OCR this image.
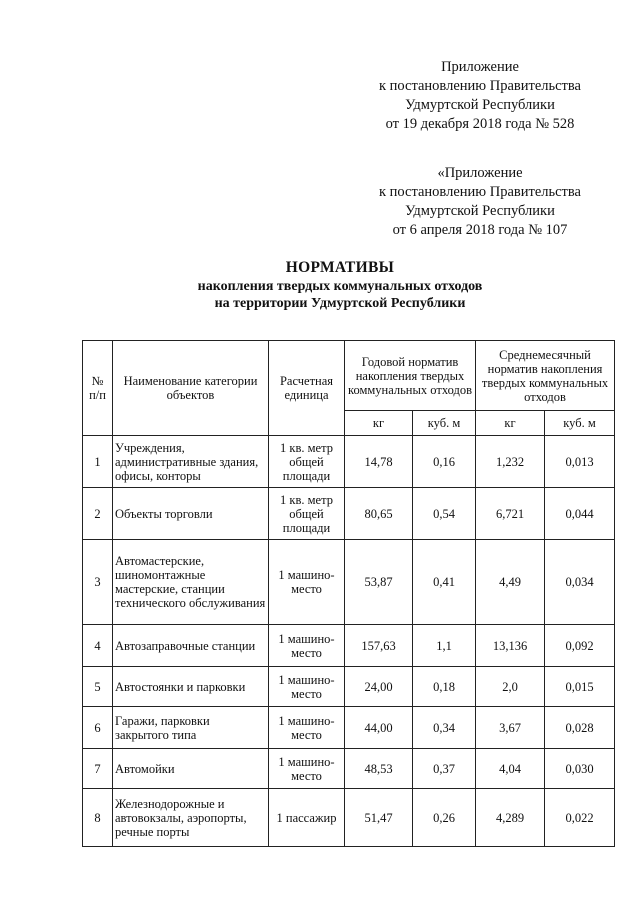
Приложение
к постановлению Правительства
Удмуртской Республики
от 19 декабря 2018 года № 528
«Приложение
к постановлению Правительства
Удмуртской Республики
от 6 апреля 2018 года № 107
НОРМАТИВЫ
накопления твердых коммунальных отходов
на территории Удмуртской Республики
№ п/п	Наименование категории объектов	Расчетная единица	Годовой норматив накопления твердых коммунальных отходов		Среднемесячный норматив накопления твердых коммунальных отходов	
			кг	куб. м	кг	куб. м
1	Учреждения, административные здания, офисы, конторы	1 кв. метр общей площади	14,78	0,16	1,232	0,013
2	Объекты торговли	1 кв. метр общей площади	80,65	0,54	6,721	0,044
3	Автомастерские, шиномонтажные мастерские, станции технического обслуживания	1 машино-место	53,87	0,41	4,49	0,034
4	Автозаправочные станции	1 машино-место	157,63	1,1	13,136	0,092
5	Автостоянки и парковки	1 машино-место	24,00	0,18	2,0	0,015
6	Гаражи, парковки закрытого типа	1 машино-место	44,00	0,34	3,67	0,028
7	Автомойки	1 машино-место	48,53	0,37	4,04	0,030
8	Железнодорожные и автовокзалы, аэропорты, речные порты	1 пассажир	51,47	0,26	4,289	0,022
